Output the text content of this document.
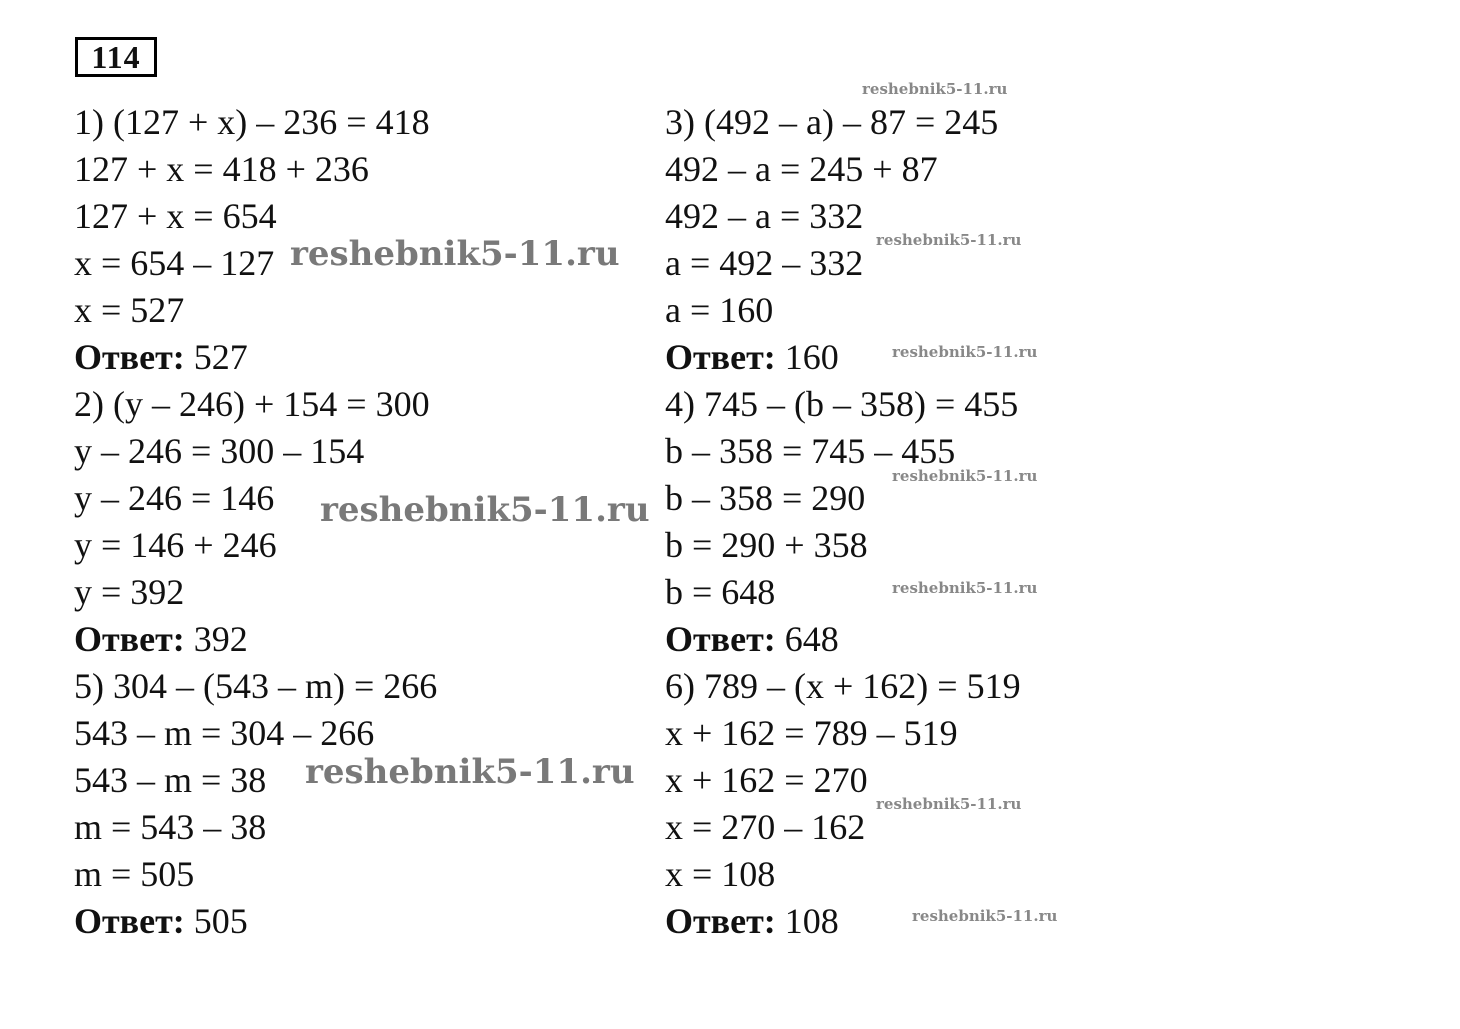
114
1) (127 + x) – 236 = 418
127 + x = 418 + 236
127 + x = 654
x = 654 – 127
x = 527
Ответ: 527
2) (y – 246) + 154 = 300
y – 246 = 300 – 154
y – 246 = 146
y = 146 + 246
y = 392
Ответ: 392
5) 304 – (543 – m) = 266
543 – m = 304 – 266
543 – m = 38
m = 543 – 38
m = 505
Ответ: 505
3) (492 – a) – 87 = 245
492 – a = 245 + 87
492 – a = 332
a = 492 – 332
a = 160
Ответ: 160
4) 745 – (b – 358) = 455
b – 358 = 745 – 455
b – 358 = 290
b = 290 + 358
b = 648
Ответ: 648
6) 789 – (x + 162) = 519
x + 162 = 789 – 519
x + 162 = 270
x = 270 – 162
x = 108
Ответ: 108
reshebnik5-11.ru
reshebnik5-11.ru	reshebnik5-11.ru
reshebnik5-11.ru
reshebnik5-11.ru
reshebnik5-11.ru
reshebnik5-11.ru
reshebnik5-11.ru
reshebnik5-11.ru
reshebnik5-11.ru
